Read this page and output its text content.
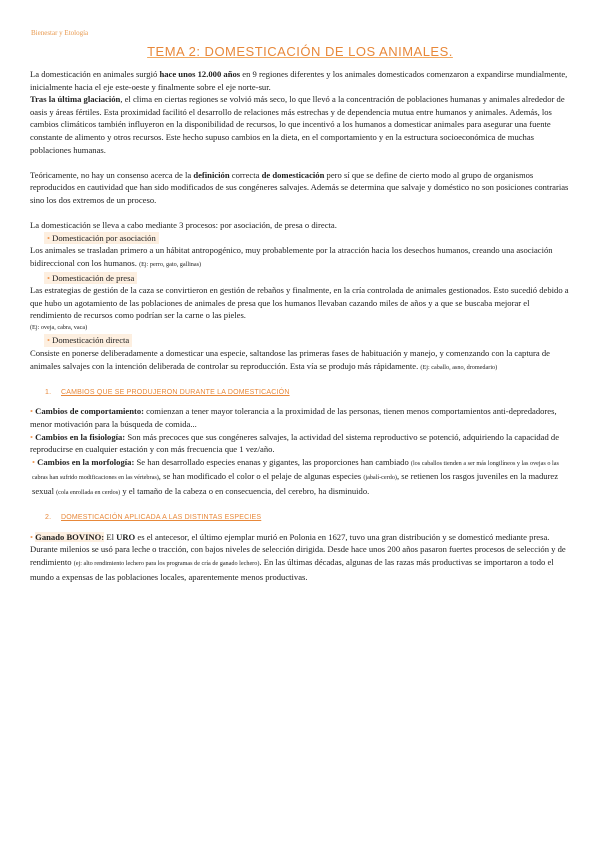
Bienestar y Etología
TEMA 2: DOMESTICACIÓN DE LOS ANIMALES.

La domesticación en animales surgió hace unos 12.000 años en 9 regiones diferentes y los animales domesticados comenzaron a expandirse mundialmente, inicialmente hacia el eje este-oeste y finalmente sobre el eje norte-sur.

Tras la última glaciación, el clima en ciertas regiones se volvió más seco, lo que llevó a la concentración de poblaciones humanas y animales alrededor de oasis y áreas fértiles. Esta proximidad facilitó el desarrollo de relaciones más estrechas y de dependencia mutua entre humanos y animales. Además, los cambios climáticos también influyeron en la disponibilidad de recursos, lo que incentivó a los humanos a domesticar animales para asegurar una fuente constante de alimento y otros recursos. Este hecho supuso cambios en la dieta, en el comportamiento y en la estructura socioeconómica de muchas poblaciones humanas.

Teóricamente, no hay un consenso acerca de la definición correcta de domesticación pero sí que se define de cierto modo al grupo de organismos reproducidos en cautividad que han sido modificados de sus congéneres salvajes. Además se determina que salvaje y doméstico no son posiciones contrarias sino los dos extremos de un proceso.

La domesticación se lleva a cabo mediante 3 procesos: por asociación, de presa o directa.

• Domesticación por asociación

Los animales se trasladan primero a un hábitat antropogénico, muy probablemente por la atracción hacia los desechos humanos, creando una asociación bidireccional con los humanos. (Ej: perro, gato, gallinas)

• Domesticación de presa

Las estrategias de gestión de la caza se convirtieron en gestión de rebaños y finalmente, en la cría controlada de animales gestionados. Esto sucedió debido a que hubo un agotamiento de las poblaciones de animales de presa que los humanos llevaban cazando miles de años y a que se buscaba mejorar el rendimiento de recursos como podrían ser la carne o las pieles.

(Ej: oveja, cabra, vaca)

• Domesticación directa

Consiste en ponerse deliberadamente a domesticar una especie, saltandose las primeras fases de habituación y manejo, y comenzando con la captura de animales salvajes con la intención deliberada de controlar su reproducción. Esta vía se produjo más rápidamente. (Ej: caballo, asno, dromedario)

1. CAMBIOS QUE SE PRODUJERON DURANTE LA DOMESTICACIÓN

• Cambios de comportamiento: comienzan a tener mayor tolerancia a la proximidad de las personas, tienen menos comportamientos anti-depredadores, menor motivación para la búsqueda de comida...

• Cambios en la fisiología: Son más precoces que sus congéneres salvajes, la actividad del sistema reproductivo se potenció, adquiriendo la capacidad de reproducirse en cualquier estación y con más frecuencia que 1 vez/año.

• Cambios en la morfología: Se han desarrollado especies enanas y gigantes, las proporciones han cambiado (los caballos tienden a ser más longilíneos y las ovejas o las cabras han sufrido modificaciones en las vértebras), se han modificado el color o el pelaje de algunas especies (jabalí-cerdo), se retienen los rasgos juveniles en la madurez sexual (cola enrollada en cerdos) y el tamaño de la cabeza o en consecuencia, del cerebro, ha disminuido.

2. DOMESTICACIÓN APLICADA A LAS DISTINTAS ESPECIES

• Ganado BOVINO: El URO es el antecesor, el último ejemplar murió en Polonia en 1627, tuvo una gran distribución y se domesticó mediante presa. Durante milenios se usó para leche o tracción, con bajos niveles de selección dirigida. Desde hace unos 200 años pasaron fuertes procesos de selección y de rendimiento (ej: alto rendimiento lechero para los programas de cría de ganado lechero). En las últimas décadas, algunas de las razas más productivas se importaron a todo el mundo a expensas de las poblaciones locales, aparentemente menos productivas.
